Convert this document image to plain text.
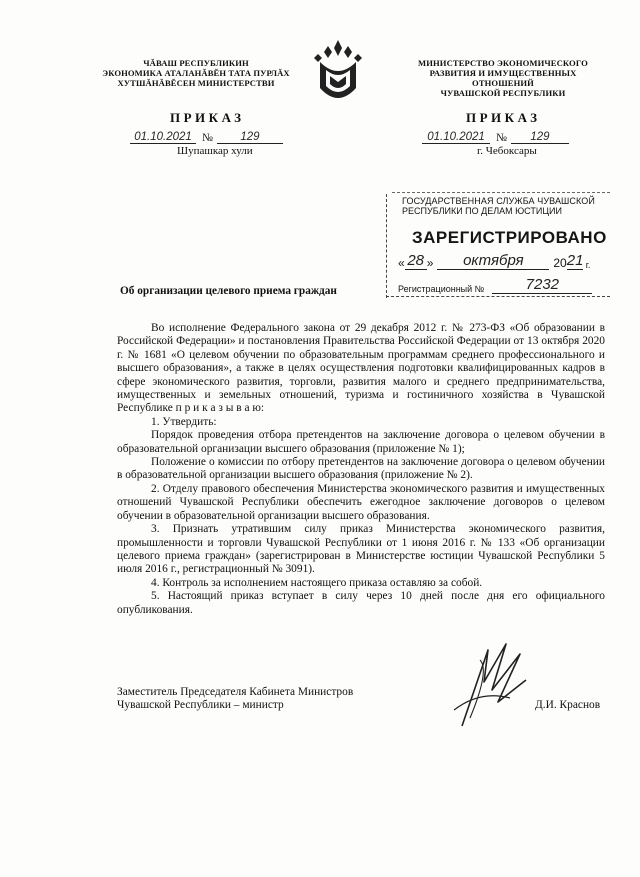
ЧĂВАШ РЕСПУБЛИКИН
ЭКОНОМИКА АТАЛАНĂВĔН ТАТА ПУРЛĂХ
ХУТШĂНĂВĔСЕН МИНИСТЕРСТВИ
МИНИСТЕРСТВО ЭКОНОМИЧЕСКОГО
РАЗВИТИЯ И ИМУЩЕСТВЕННЫХ ОТНОШЕНИЙ
ЧУВАШСКОЙ РЕСПУБЛИКИ
ПРИКАЗ	ПРИКАЗ
01.10.2021 №	129	01.10.2021 №	129
Шупашкар хули	г. Чебоксары
ГОСУДАРСТВЕННАЯ СЛУЖБА ЧУВАШСКОЙ
РЕСПУБЛИКИ ПО ДЕЛАМ ЮСТИЦИИ
ЗАРЕГИСТРИРОВАНО
« 28 »	октября	20 21 г.
Регистрационный №	7232
Об организации целевого приема граждан

Во исполнение Федерального закона от 29 декабря 2012 г. № 273-ФЗ «Об образовании в Российской Федерации» и постановления Правительства Российской Федерации от 13 октября 2020 г. № 1681 «О целевом обучении по образовательным программам среднего профессионального и высшего образования», а также в целях осуществления подготовки квалифицированных кадров в сфере экономического развития, торговли, развития малого и среднего предпринимательства, имущественных и земельных отношений, туризма и гостиничного хозяйства в Чувашской Республике п р и к а з ы в а ю:

1. Утвердить:

Порядок проведения отбора претендентов на заключение договора о целевом обучении в образовательной организации высшего образования (приложение № 1);

Положение о комиссии по отбору претендентов на заключение договора о целевом обучении в образовательной организации высшего образования (приложение № 2).

2. Отделу правового обеспечения Министерства экономического развития и имущественных отношений Чувашской Республики обеспечить ежегодное заключение договоров о целевом обучении в образовательной организации высшего образования.

3. Признать утратившим силу приказ Министерства экономического развития, промышленности и торговли Чувашской Республики от 1 июня 2016 г. № 133 «Об организации целевого приема граждан» (зарегистрирован в Министерстве юстиции Чувашской Республики 5 июля 2016 г., регистрационный № 3091).

4. Контроль за исполнением настоящего приказа оставляю за собой.

5. Настоящий приказ вступает в силу через 10 дней после дня его официального опубликования.

Заместитель Председателя Кабинета Министров
Чувашской Республики – министр	Д.И. Краснов
